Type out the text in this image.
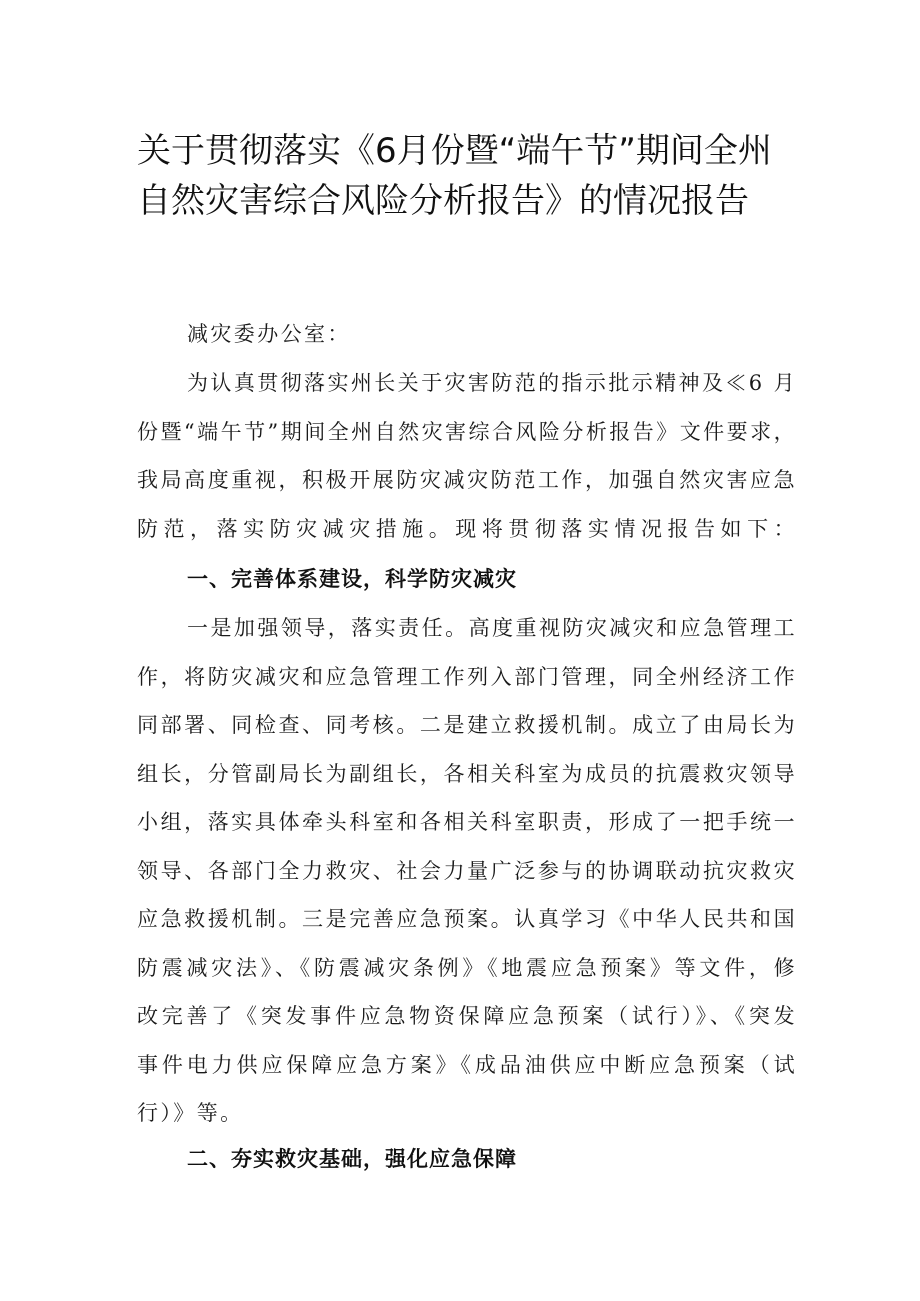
关于贯彻落实《6月份暨“端午节”期间全州
自然灾害综合风险分析报告》的情况报告
减灾委办公室：

为认真贯彻落实州长关于灾害防范的指示批示精神及≪6 月
份暨“端午节”期间全州自然灾害综合风险分析报告》文件要求，
我局高度重视，积极开展防灾减灾防范工作，加强自然灾害应急
防范，落实防灾减灾措施。现将贯彻落实情况报告如下：

一、完善体系建设，科学防灾减灾

一是加强领导，落实责任。高度重视防灾减灾和应急管理工
作，将防灾减灾和应急管理工作列入部门管理，同全州经济工作
同部署、同检查、同考核。二是建立救援机制。成立了由局长为
组长，分管副局长为副组长，各相关科室为成员的抗震救灾领导
小组，落实具体牵头科室和各相关科室职责，形成了一把手统一
领导、各部门全力救灾、社会力量广泛参与的协调联动抗灾救灾
应急救援机制。三是完善应急预案。认真学习《中华人民共和国
防震减灾法》、《防震减灾条例》《地震应急预案》等文件，修
改完善了《突发事件应急物资保障应急预案（试行）》、《突发
事件电力供应保障应急方案》《成品油供应中断应急预案（试
行）》等。

二、夯实救灾基础，强化应急保障
